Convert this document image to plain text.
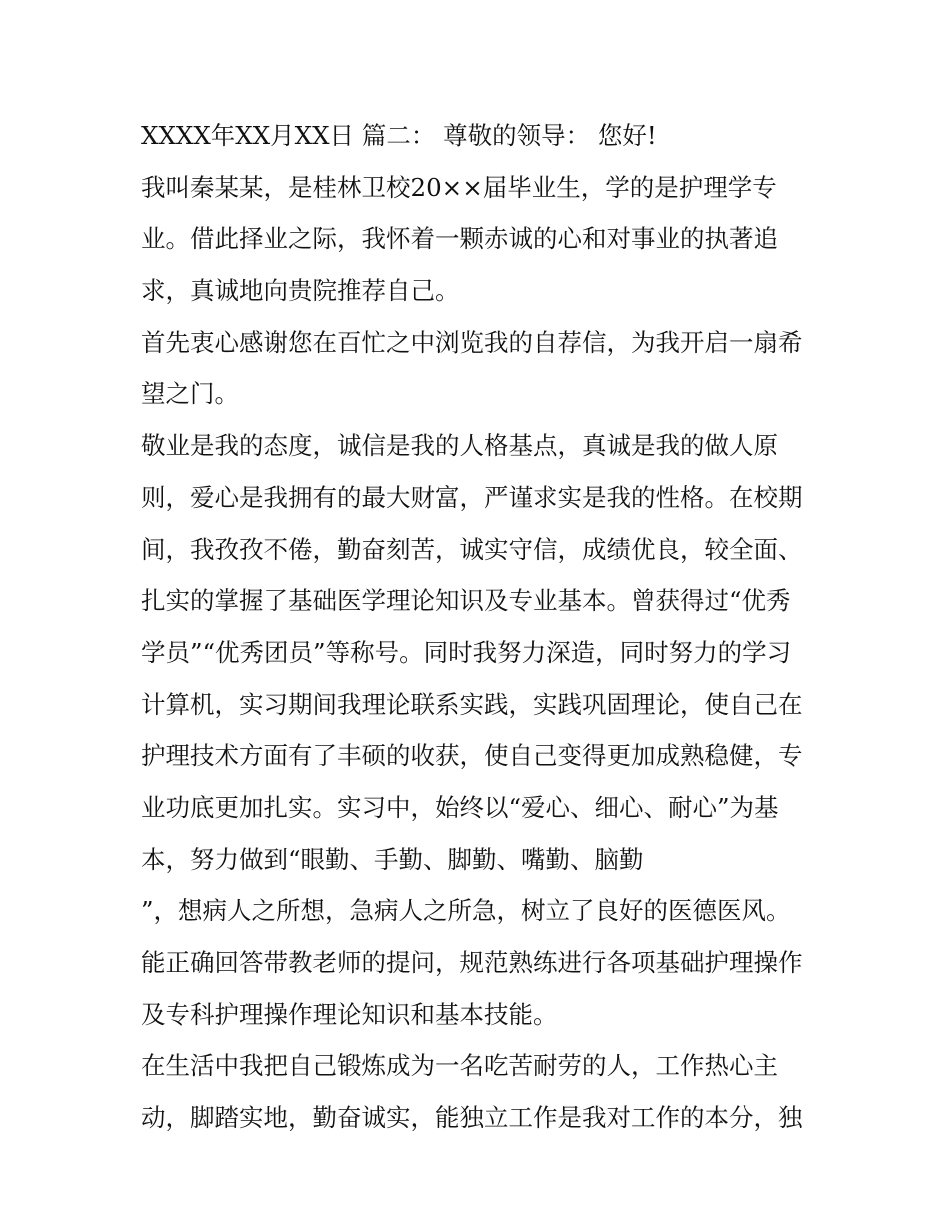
XXXX年XX月XX日 篇二： 尊敬的领导： 您好!
我叫秦某某，是桂林卫校20××届毕业生，学的是护理学专
业。借此择业之际，我怀着一颗赤诚的心和对事业的执著追
求，真诚地向贵院推荐自己。
首先衷心感谢您在百忙之中浏览我的自荐信，为我开启一扇希
望之门。
敬业是我的态度，诚信是我的人格基点，真诚是我的做人原
则，爱心是我拥有的最大财富，严谨求实是我的性格。在校期
间，我孜孜不倦，勤奋刻苦，诚实守信，成绩优良，较全面、
扎实的掌握了基础医学理论知识及专业基本。曾获得过“优秀
学员”“优秀团员”等称号。同时我努力深造，同时努力的学习
计算机，实习期间我理论联系实践，实践巩固理论，使自己在
护理技术方面有了丰硕的收获，使自己变得更加成熟稳健，专
业功底更加扎实。实习中，始终以“爱心、细心、耐心”为基
本，努力做到“眼勤、手勤、脚勤、嘴勤、脑勤
”，想病人之所想，急病人之所急，树立了良好的医德医风。
能正确回答带教老师的提问，规范熟练进行各项基础护理操作
及专科护理操作理论知识和基本技能。
在生活中我把自己锻炼成为一名吃苦耐劳的人，工作热心主
动，脚踏实地，勤奋诚实，能独立工作是我对工作的本分，独
